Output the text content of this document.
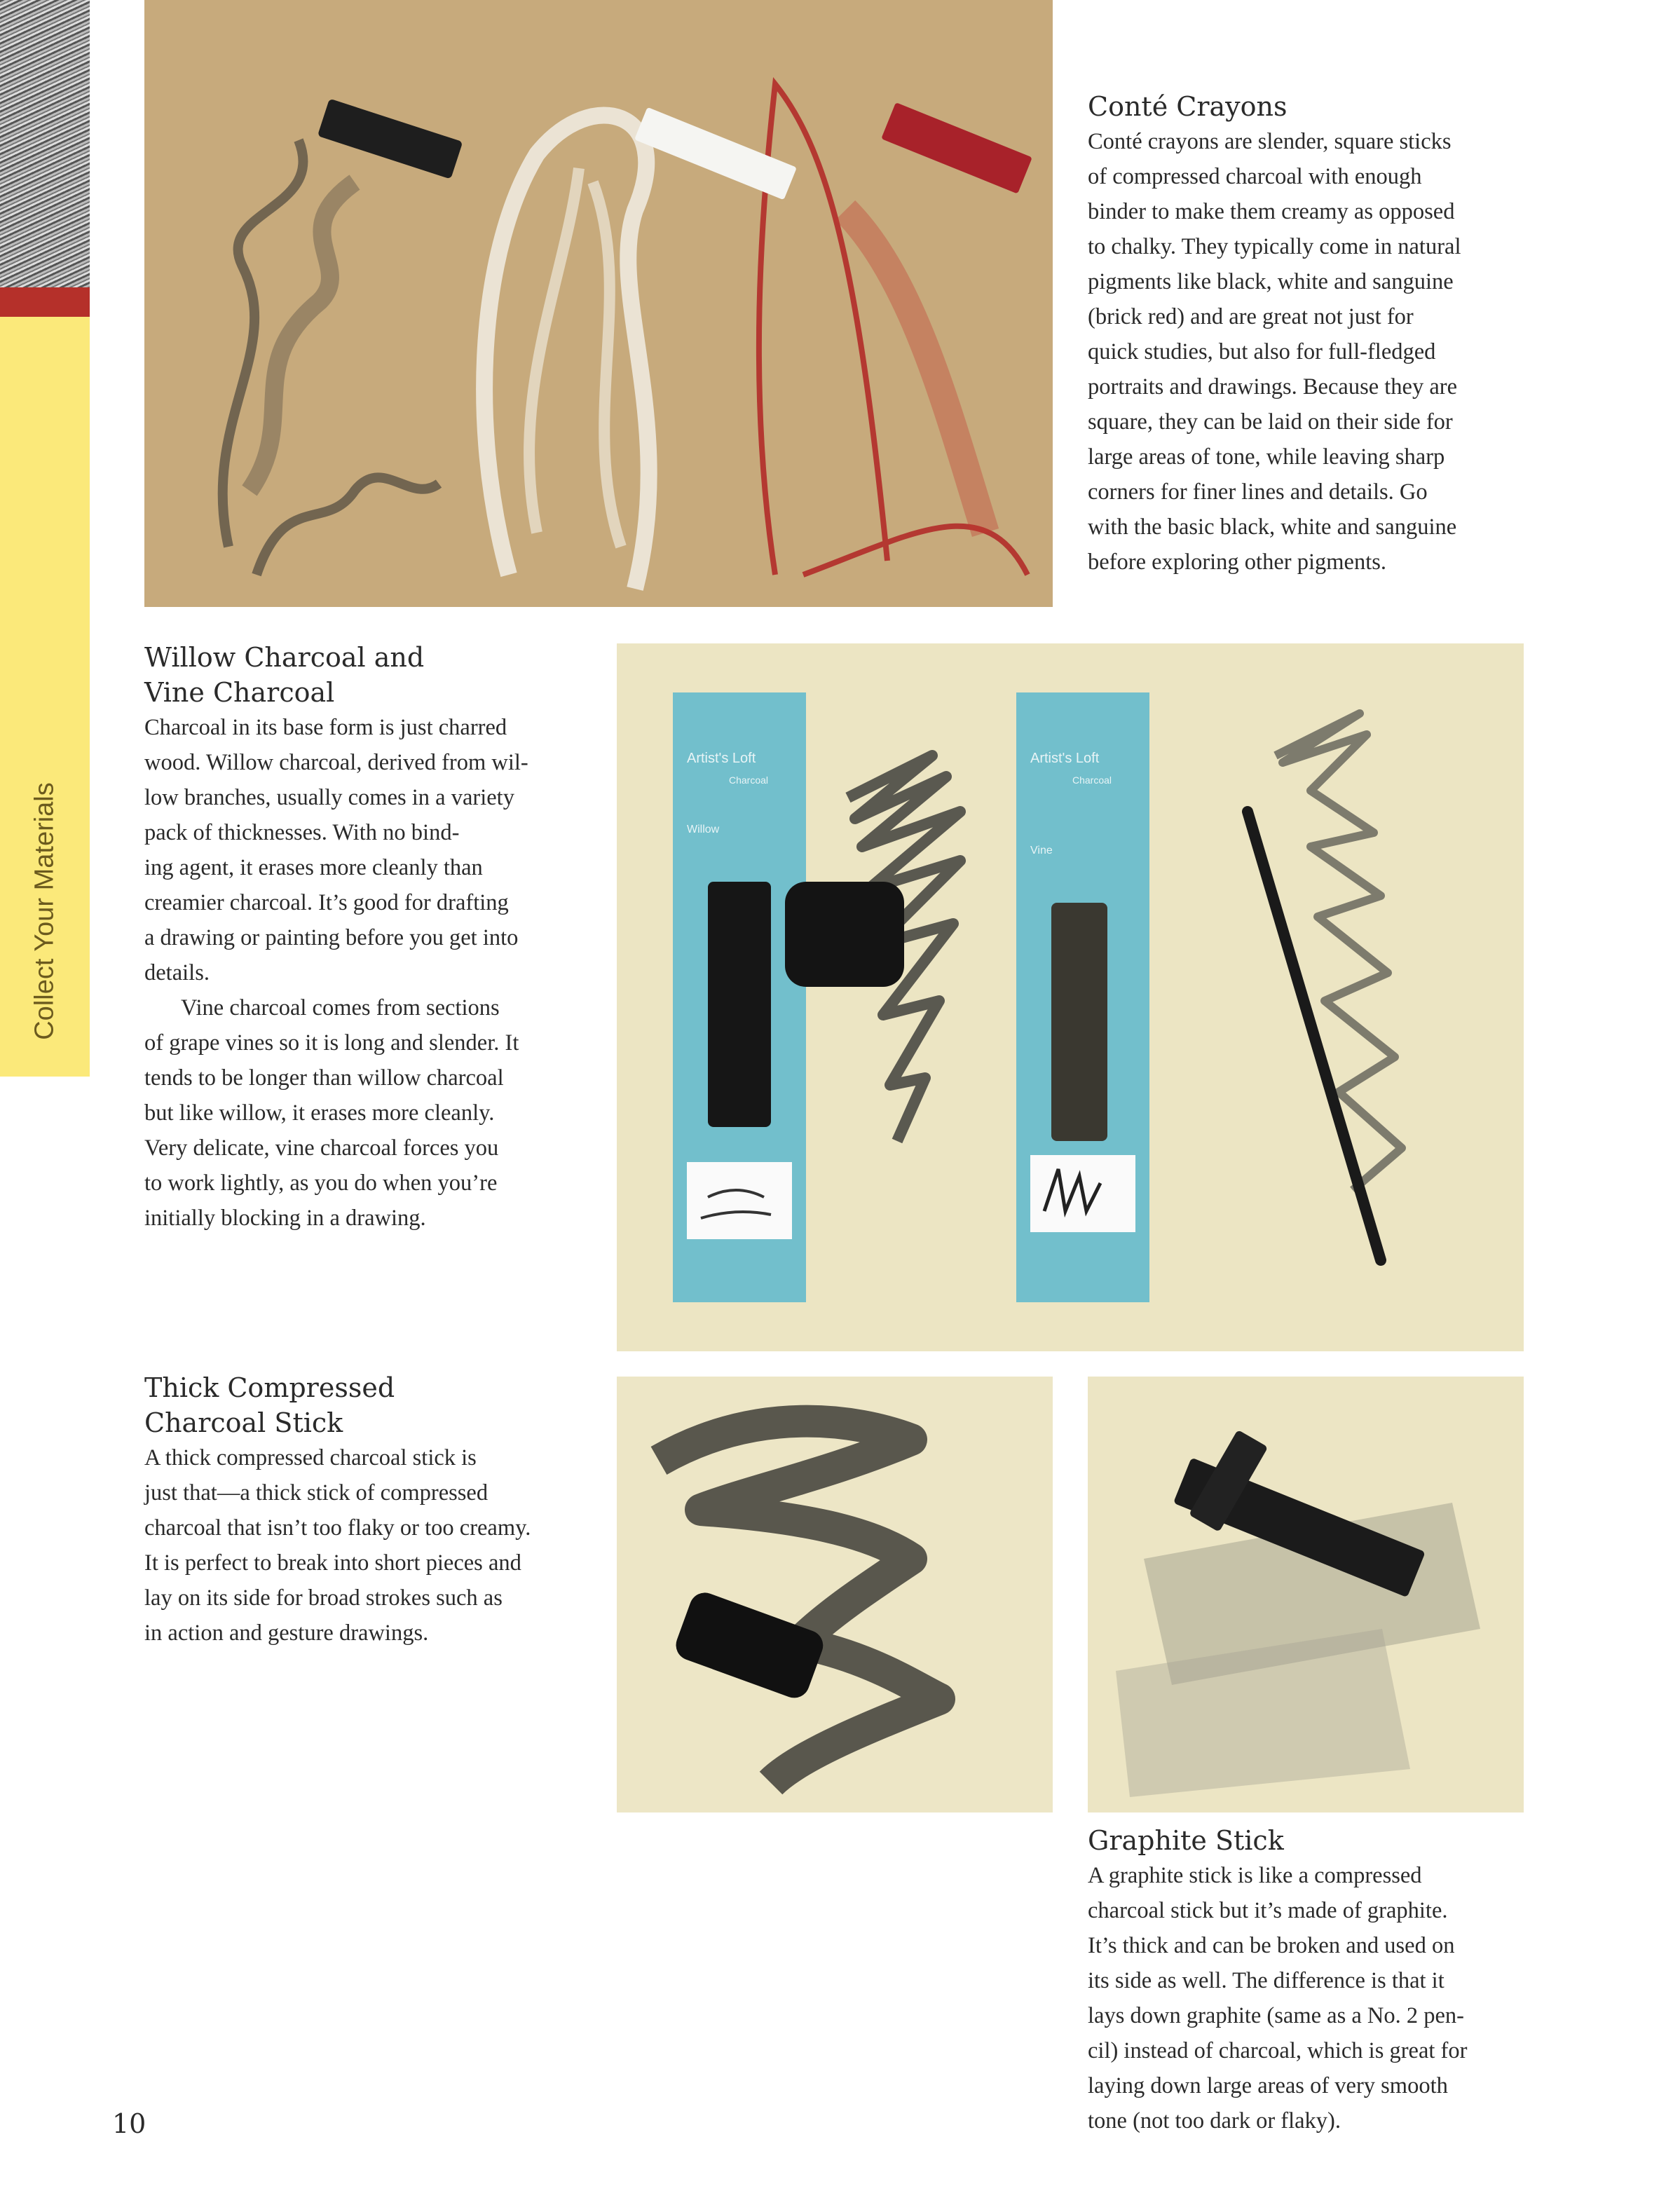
Collect Your Materials
Conté Crayons
Conté crayons are slender, square sticks
of compressed charcoal with enough
binder to make them creamy as opposed
to chalky. They typically come in natural
pigments like black, white and sanguine
(brick red) and are great not just for
quick studies, but also for full-fledged
portraits and drawings. Because they are
square, they can be laid on their side for
large areas of tone, while leaving sharp
corners for finer lines and details. Go
with the basic black, white and sanguine
before exploring other pigments.
Willow Charcoal and
Vine Charcoal
Charcoal in its base form is just charred
wood. Willow charcoal, derived from wil-
low branches, usually comes in a variety
pack of thicknesses. With no bind-
ing agent, it erases more cleanly than
creamier charcoal. It’s good for drafting
a drawing or painting before you get into
details.
Vine charcoal comes from sections
of grape vines so it is long and slender. It
tends to be longer than willow charcoal
but like willow, it erases more cleanly.
Very delicate, vine charcoal forces you
to work lightly, as you do when you’re
initially blocking in a drawing.
Artist's Loft
Charcoal
Willow
Artist's Loft
Charcoal
Vine
Thick Compressed
Charcoal Stick
A thick compressed charcoal stick is
just that—a thick stick of compressed
charcoal that isn’t too flaky or too creamy.
It is perfect to break into short pieces and
lay on its side for broad strokes such as
in action and gesture drawings.
Graphite Stick
A graphite stick is like a compressed
charcoal stick but it’s made of graphite.
It’s thick and can be broken and used on
its side as well. The difference is that it
lays down graphite (same as a No. 2 pen-
cil) instead of charcoal, which is great for
laying down large areas of very smooth
tone (not too dark or flaky).
10
